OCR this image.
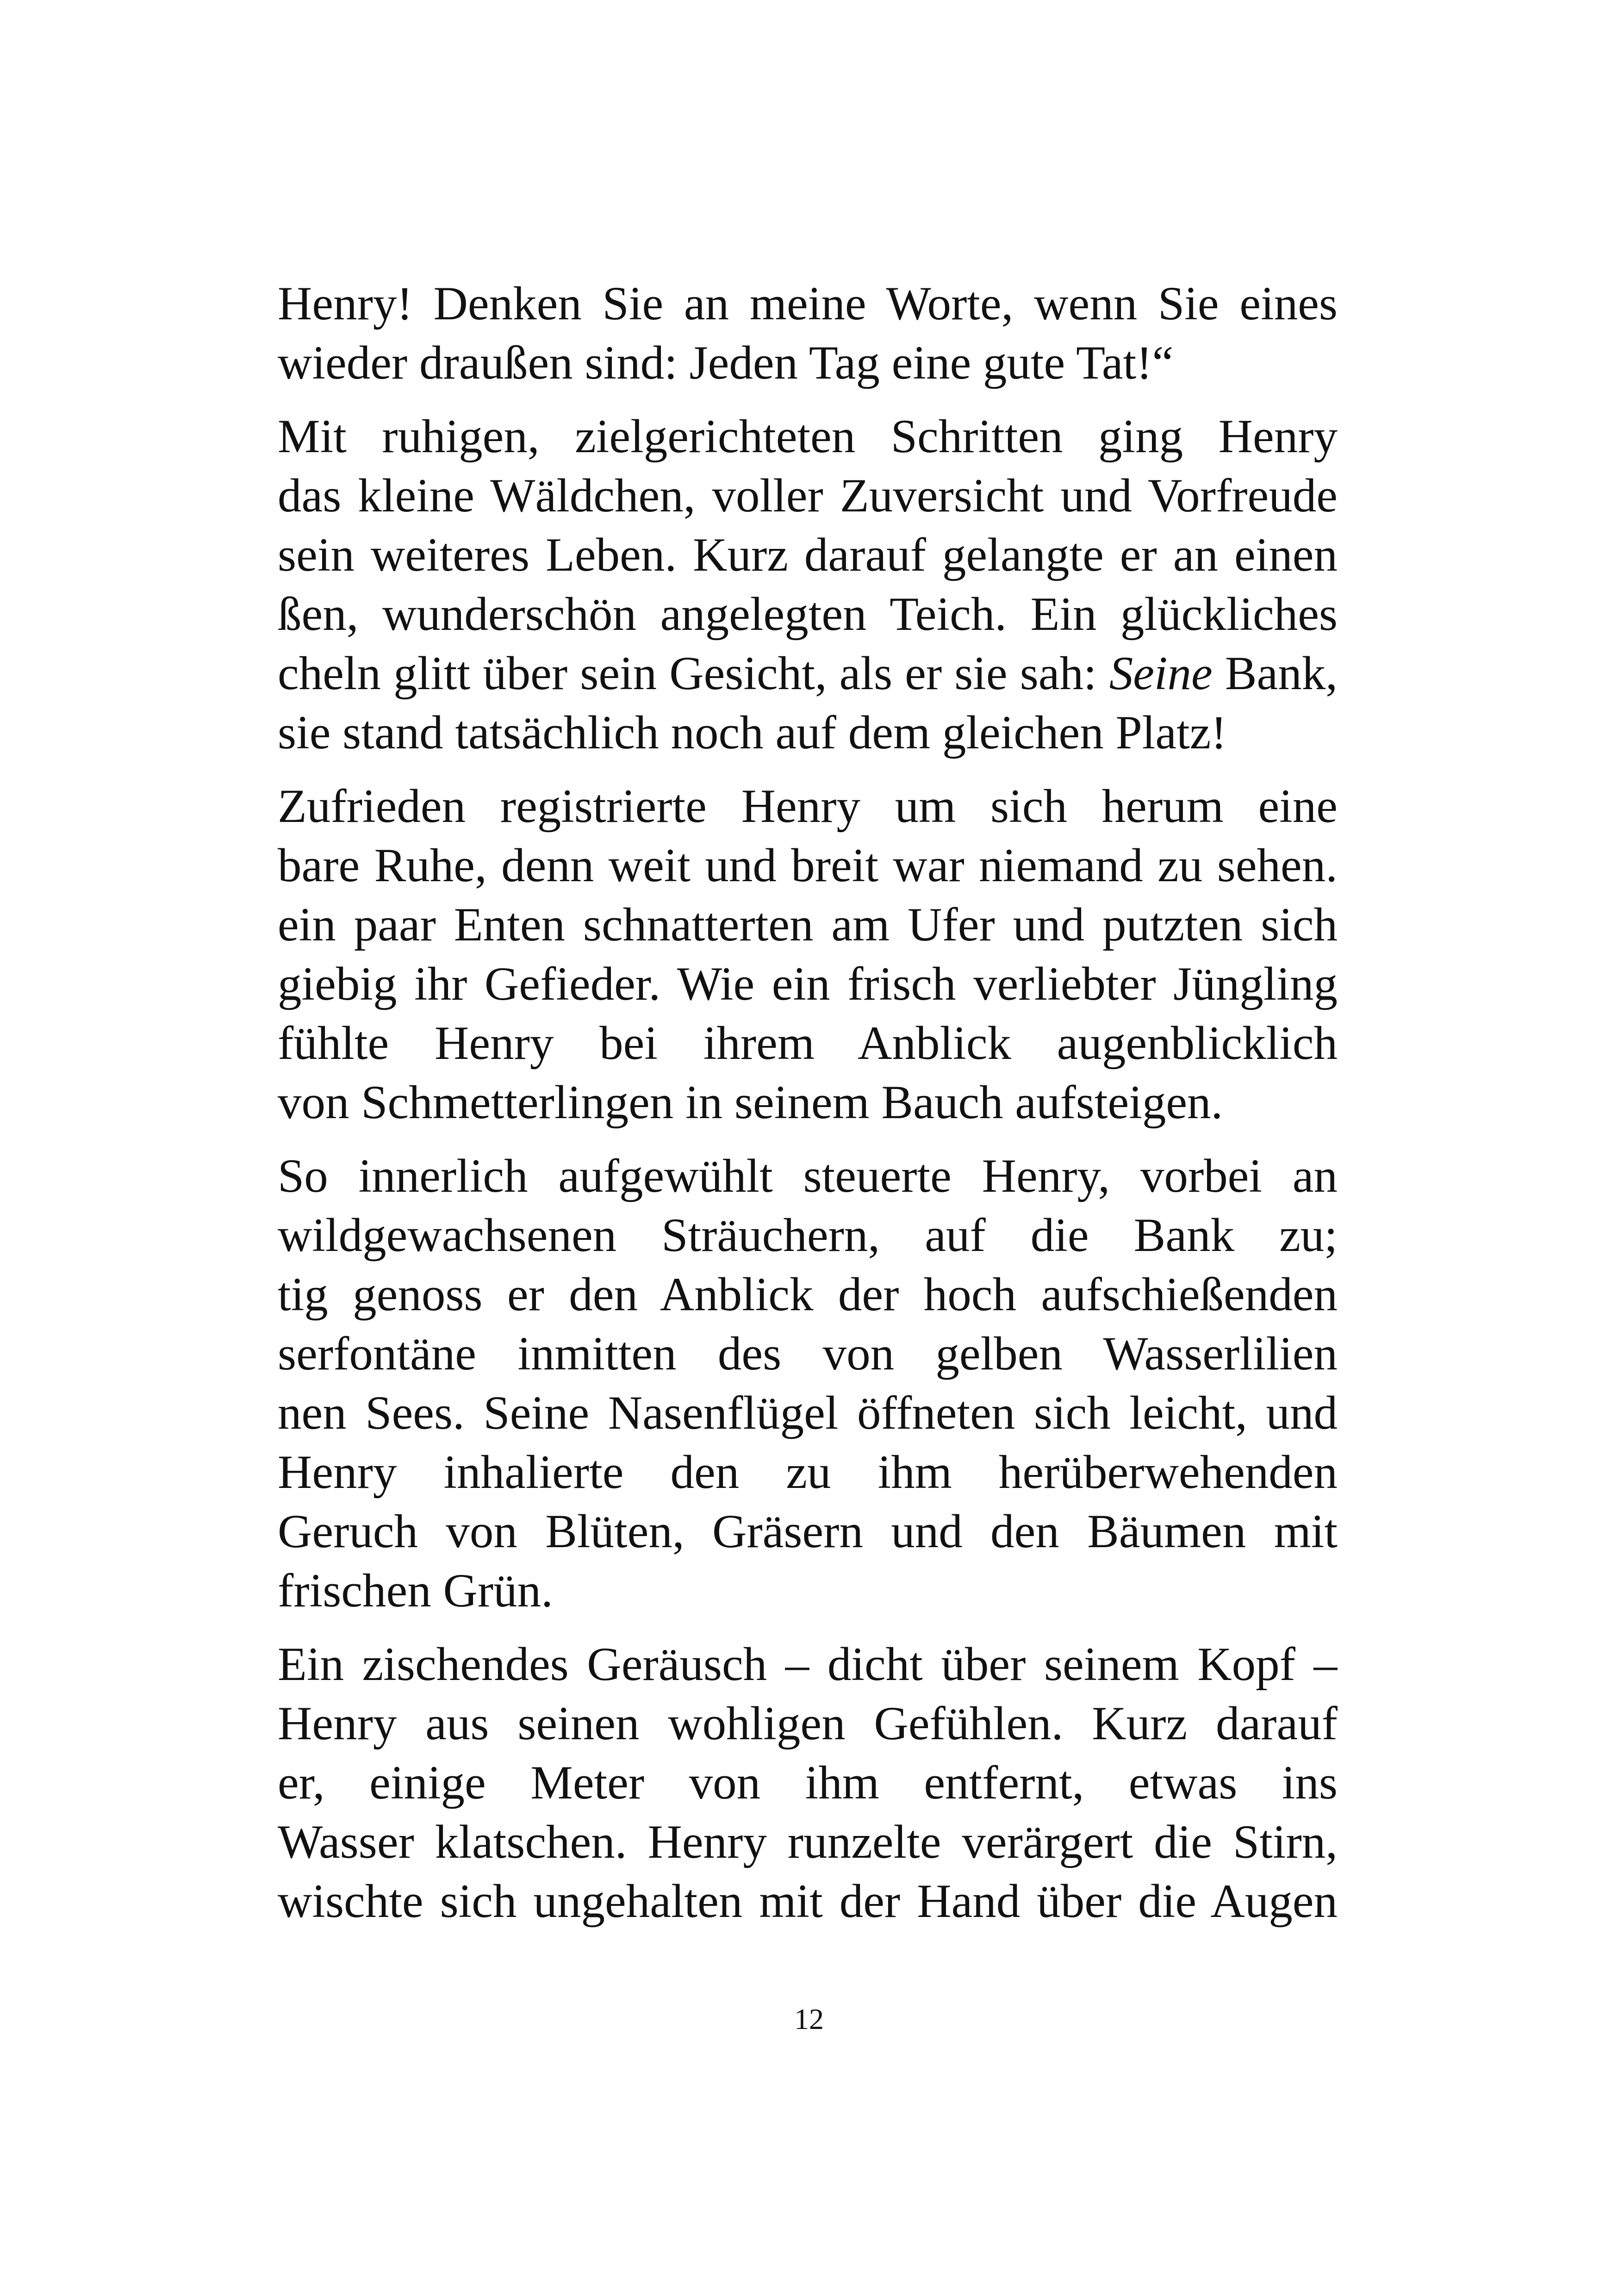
Henry! Denken Sie an meine Worte, wenn Sie eines
wieder draußen sind: Jeden Tag eine gute Tat!“
Mit ruhigen, zielgerichteten Schritten ging Henry
das kleine Wäldchen, voller Zuversicht und Vorfreude
sein weiteres Leben. Kurz darauf gelangte er an einen
ßen, wunderschön angelegten Teich. Ein glückliches
cheln glitt über sein Gesicht, als er sie sah: Seine Bank,
sie stand tatsächlich noch auf dem gleichen Platz!
Zufrieden registrierte Henry um sich herum eine
bare Ruhe, denn weit und breit war niemand zu sehen.
ein paar Enten schnatterten am Ufer und putzten sich
giebig ihr Gefieder. Wie ein frisch verliebter Jüngling
fühlte Henry bei ihrem Anblick augenblicklich
von Schmetterlingen in seinem Bauch aufsteigen.
So innerlich aufgewühlt steuerte Henry, vorbei an
wildgewachsenen Sträuchern, auf die Bank zu;
tig genoss er den Anblick der hoch aufschießenden
serfontäne inmitten des von gelben Wasserlilien
nen Sees. Seine Nasenflügel öffneten sich leicht, und
Henry inhalierte den zu ihm herüberwehenden
Geruch von Blüten, Gräsern und den Bäumen mit
frischen Grün.
Ein zischendes Geräusch – dicht über seinem Kopf –
Henry aus seinen wohligen Gefühlen. Kurz darauf
er, einige Meter von ihm entfernt, etwas ins
Wasser klatschen. Henry runzelte verärgert die Stirn,
wischte sich ungehalten mit der Hand über die Augen
12
